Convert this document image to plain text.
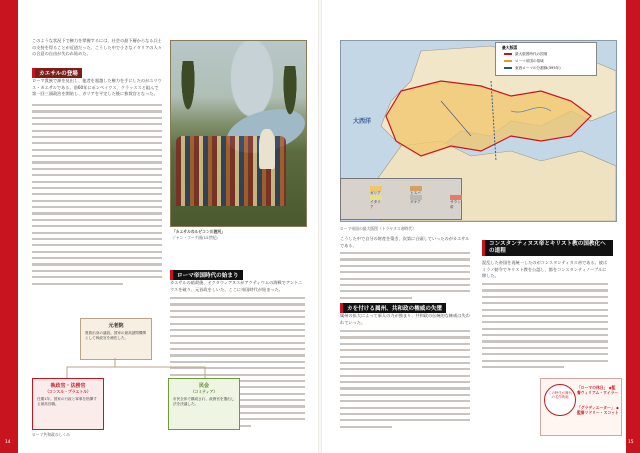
このような状況下で権力を掌握するには、社会の最下層からなる兵士の支持を得ることが近道だった。こうした中で小さなイタリアの人々の合意の自由が失われ始めた。
カエサルの登場
ローマ貴族で源を見出し、他者を超越した権力を手にしたのがユリウス・カエサルである。前60年にポンペイウス、クラッススと組んで第一回三頭政治を開始し、ガリアを平定した後に独裁官となった。
「カエサルのルビコン川渡河」
ジャン・フーケ画(15世紀)
ローマ帝国時代の始まり
カエサルの暗殺後、オクタウィアヌスがアクティウムの海戦でアントニウスを破り、元首政をしいた。ここに帝国時代が始まった。
元老院
貴族出身の議員。国家の最高諮問機関として執政官を補佐した。
執政官・法務官
（コンスル・プラエトル）
任期1年。国家の行政と軍事を指揮する最高官職。
民会
（コミティア）
市民全体で構成され、政務官を選出し法を決議した。
ローマ共和政のしくみ
大西洋
最大版図
最大版図時代の国境
ローマ帝国の領域
東西ローマの分割線(395年)
ガリア	ヒスパ
イタリア
ダキア	サラン帝
ローマ帝国の最大版図（トラヤヌス帝時代）
こうした中で自分の財産を築き、次第に台頭していったのがカエサルである。
カを付ける属州、共和政の権威の失墜
属州の拡大によって軍人の力が強まり、共和政の伝統的な権威は失われていった。
コンスタンティヌス帝とキリスト教の国教化への道程
混乱した帝国を再統一したのがコンスタンティヌス帝である。彼はミラノ勅令でキリスト教を公認し、都をコンスタンティノープルに移した。
「ローマの休日」 ◆監督ウィリアム・ワイラー
「グラディエーター」 ◆監督リドリー・スコット
この時代が舞台の名作映画
14	15
